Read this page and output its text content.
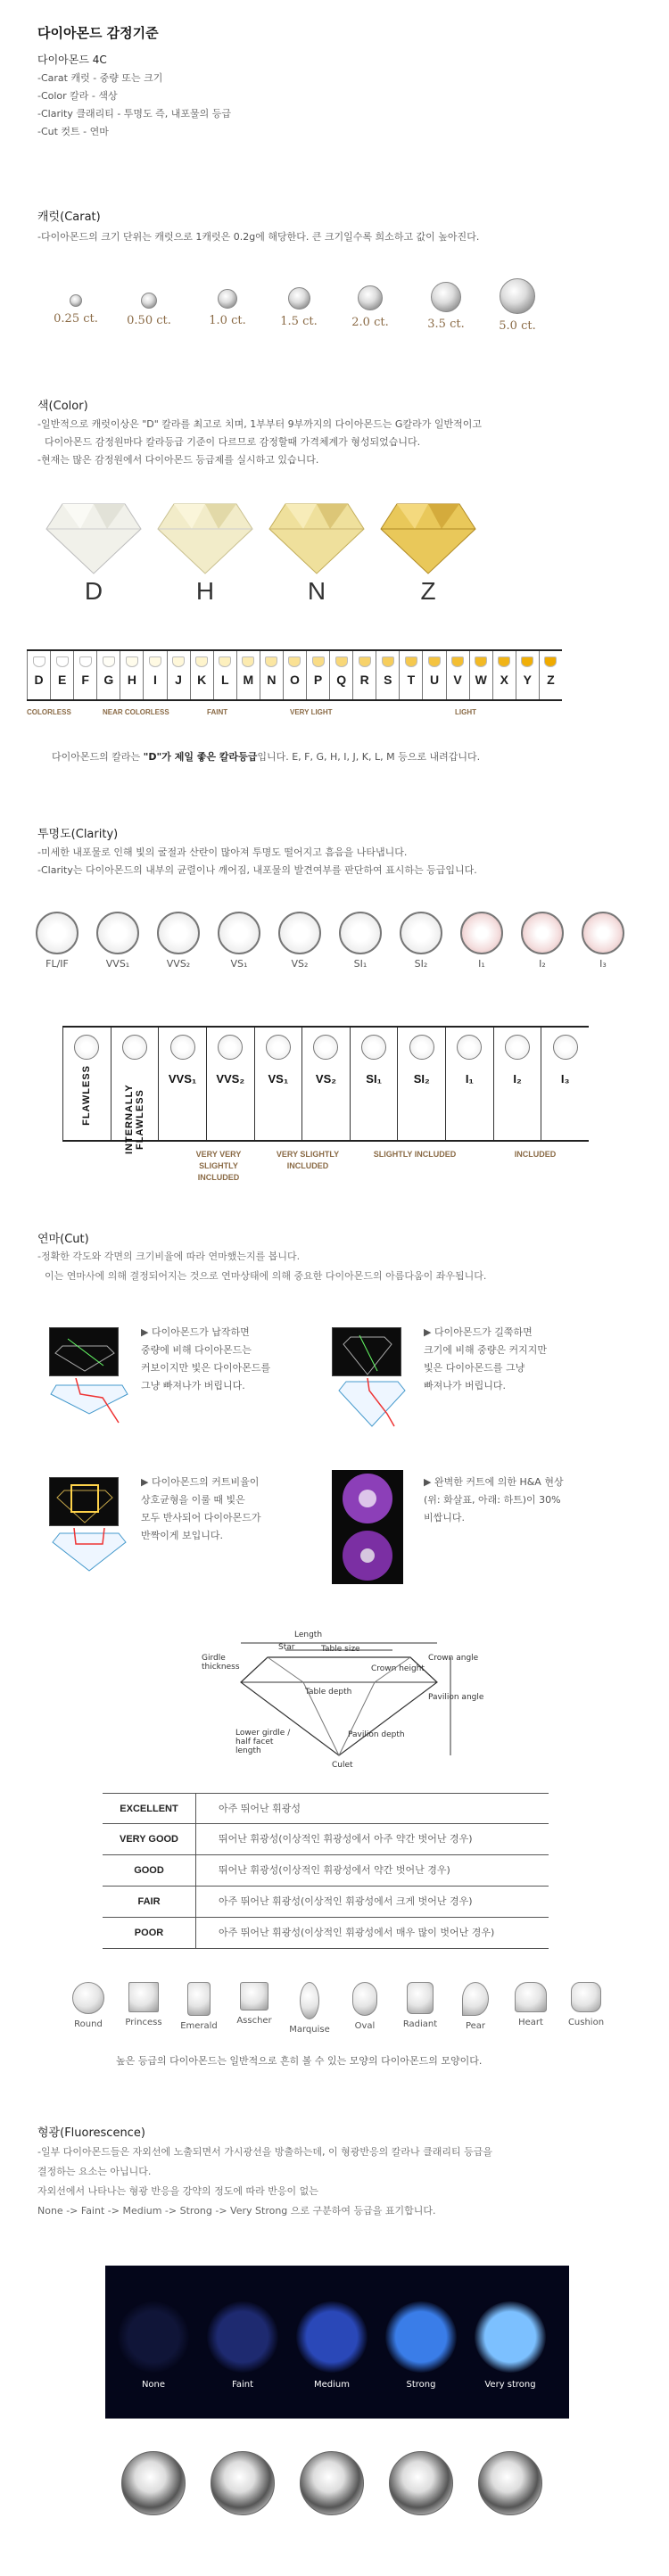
다이아몬드 감정기준
다이아몬드 4C
-Carat 캐럿 - 중량 또는 크기
-Color 칼라 - 색상
-Clarity 클래리티 - 투명도 즉, 내포물의 등급
-Cut 컷트 - 연마
캐럿(Carat)
-다이아몬드의 크기 단위는 캐럿으로 1캐럿은 0.2g에 해당한다. 큰 크기일수록 희소하고 값이 높아진다.
0.25 ct.	0.50 ct.	1.0 ct.	1.5 ct.	2.0 ct.	3.5 ct.	5.0 ct.
색(Color)
-일반적으로 캐럿이상은 "D" 칼라를 최고로 치며, 1부부터 9부까지의 다이아몬드는 G칼라가 일반적이고
다이아몬드 감정원마다 칼라등급 기준이 다르므로 감정할때 가격체계가 형성되었습니다.
-현재는 많은 감정원에서 다이아몬드 등급제를 실시하고 있습니다.
D	H	N	Z
D	E	F	G	H	I	J	K	L	M	N	O	P	Q	R	S	T	U	V	W	X	Y	Z
COLORLESS	NEAR COLORLESS	FAINT	VERY LIGHT	LIGHT
다이아몬드의 칼라는 "D"가 제일 좋은 칼라등급입니다. E, F, G, H, I, J, K, L, M 등으로 내려갑니다.
투명도(Clarity)
-미세한 내포물로 인해 빛의 굴절과 산란이 많아져 투명도 떨어지고 흠음을 나타냅니다.
-Clarity는 다이아몬드의 내부의 균렬이나 깨어짐, 내포물의 발견여부를 판단하여 표시하는 등급입니다.
FL/IF	VVS₁	VVS₂	VS₁	VS₂	SI₁	SI₂	I₁	I₂	I₃
FLAWLESS	INTERNALLY FLAWLESS
VVS₁	VVS₂	VS₁	VS₂	SI₁	SI₂	I₁	I₂	I₃
VERY VERY SLIGHTLY INCLUDED
VERY SLIGHTLY INCLUDED
SLIGHTLY INCLUDED	INCLUDED
연마(Cut)
-정확한 각도와 각면의 크기비율에 따라 연마했는지를 봅니다.
이는 연마사에 의해 결정되어지는 것으로 연마상태에 의해 중요한 다이아몬드의 아름다움이 좌우됩니다.
▶ 다이아몬드가 납작하면
중량에 비해 다이아몬드는
커보이지만 빛은 다이아몬드를
그냥 빠져나가 버립니다.
▶ 다이아몬드가 길쭉하면
크기에 비해 중량은 커지지만
빛은 다이아몬드를 그냥
빠져나가 버립니다.
▶ 다이아몬드의 커트비율이
상호균형을 이룰 때 빛은
모두 반사되어 다이아몬드가
반짝이게 보입니다.
▶ 완벽한 커트에 의한 H&A 현상
(위: 화살표, 아래: 하트)이 30%
비쌉니다.
Length
Star	Table size
Girdle thickness	Crown height
Crown angle
Table depth
Pavilion angle
Lower girdle / half facet length
Pavilion depth
Culet
EXCELLENT	아주 뛰어난 휘광성
VERY GOOD	뛰어난 휘광성(이상적인 휘광성에서 아주 약간 벗어난 경우)
GOOD	뛰어난 휘광성(이상적인 휘광성에서 약간 벗어난 경우)
FAIR	아주 뛰어난 휘광성(이상적인 휘광성에서 크게 벗어난 경우)
POOR	아주 뛰어난 휘광성(이상적인 휘광성에서 매우 많이 벗어난 경우)
Round	Princess	Emerald
Asscher
Marquise	Oval	Radiant	Pear	Heart	Cushion
높은 등급의 다이아몬드는 일반적으로 흔히 볼 수 있는 모양의 다이아몬드의 모양이다.
형광(Fluorescence)
-일부 다이아몬드들은 자외선에 노출되면서 가시광선을 방출하는데, 이 형광반응의 칼라나 클래리티 등급을
결정하는 요소는 아닙니다.
자외선에서 나타나는 형광 반응을 강약의 정도에 따라 반응이 없는
None -> Faint -> Medium -> Strong -> Very Strong 으로 구분하여 등급을 표기합니다.
None	Faint	Medium	Strong	Very strong
